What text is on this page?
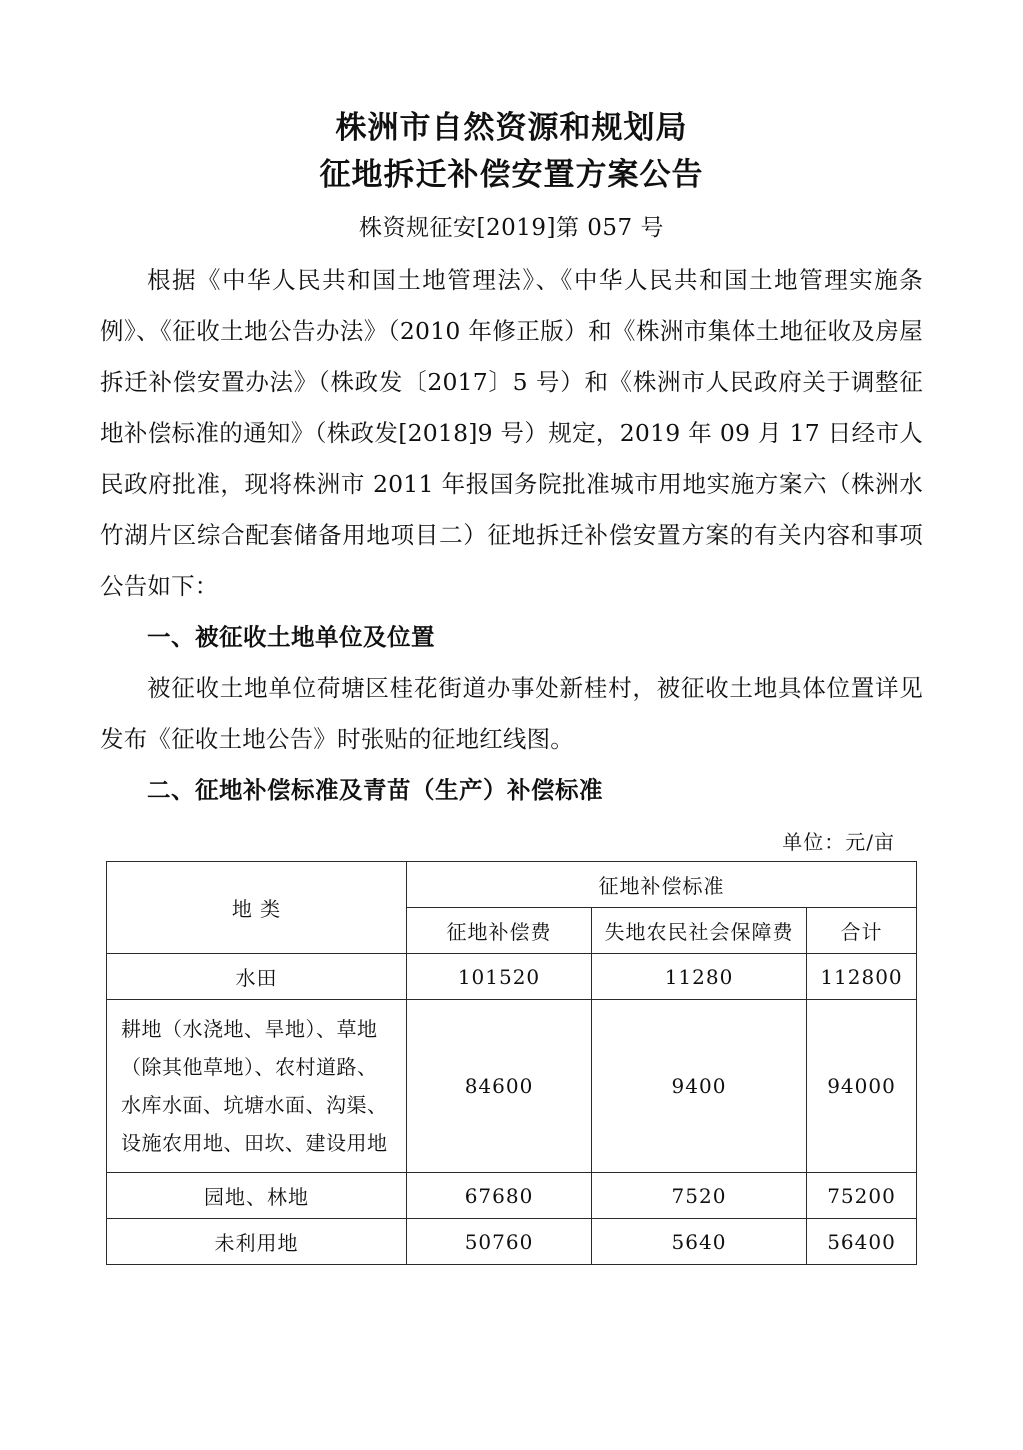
株洲市自然资源和规划局
征地拆迁补偿安置方案公告
株资规征安[2019]第 057 号

根据《中华人民共和国土地管理法》、《中华人民共和国土地管理实施条例》、《征收土地公告办法》（2010 年修正版）和《株洲市集体土地征收及房屋拆迁补偿安置办法》（株政发〔2017〕5 号）和《株洲市人民政府关于调整征地补偿标准的通知》（株政发[2018]9 号）规定，2019 年 09 月 17 日经市人民政府批准，现将株洲市 2011 年报国务院批准城市用地实施方案六（株洲水竹湖片区综合配套储备用地项目二）征地拆迁补偿安置方案的有关内容和事项公告如下：

一、被征收土地单位及位置

被征收土地单位荷塘区桂花街道办事处新桂村，被征收土地具体位置详见发布《征收土地公告》时张贴的征地红线图。

二、征地补偿标准及青苗（生产）补偿标准

单位：元/亩
地 类	征地补偿标准		
	征地补偿费	失地农民社会保障费	合计
水田	101520	11280	112800
耕地（水浇地、旱地）、草地（除其他草地）、农村道路、水库水面、坑塘水面、沟渠、设施农用地、田坎、建设用地	84600	9400	94000
园地、林地	67680	7520	75200
未利用地	50760	5640	56400
